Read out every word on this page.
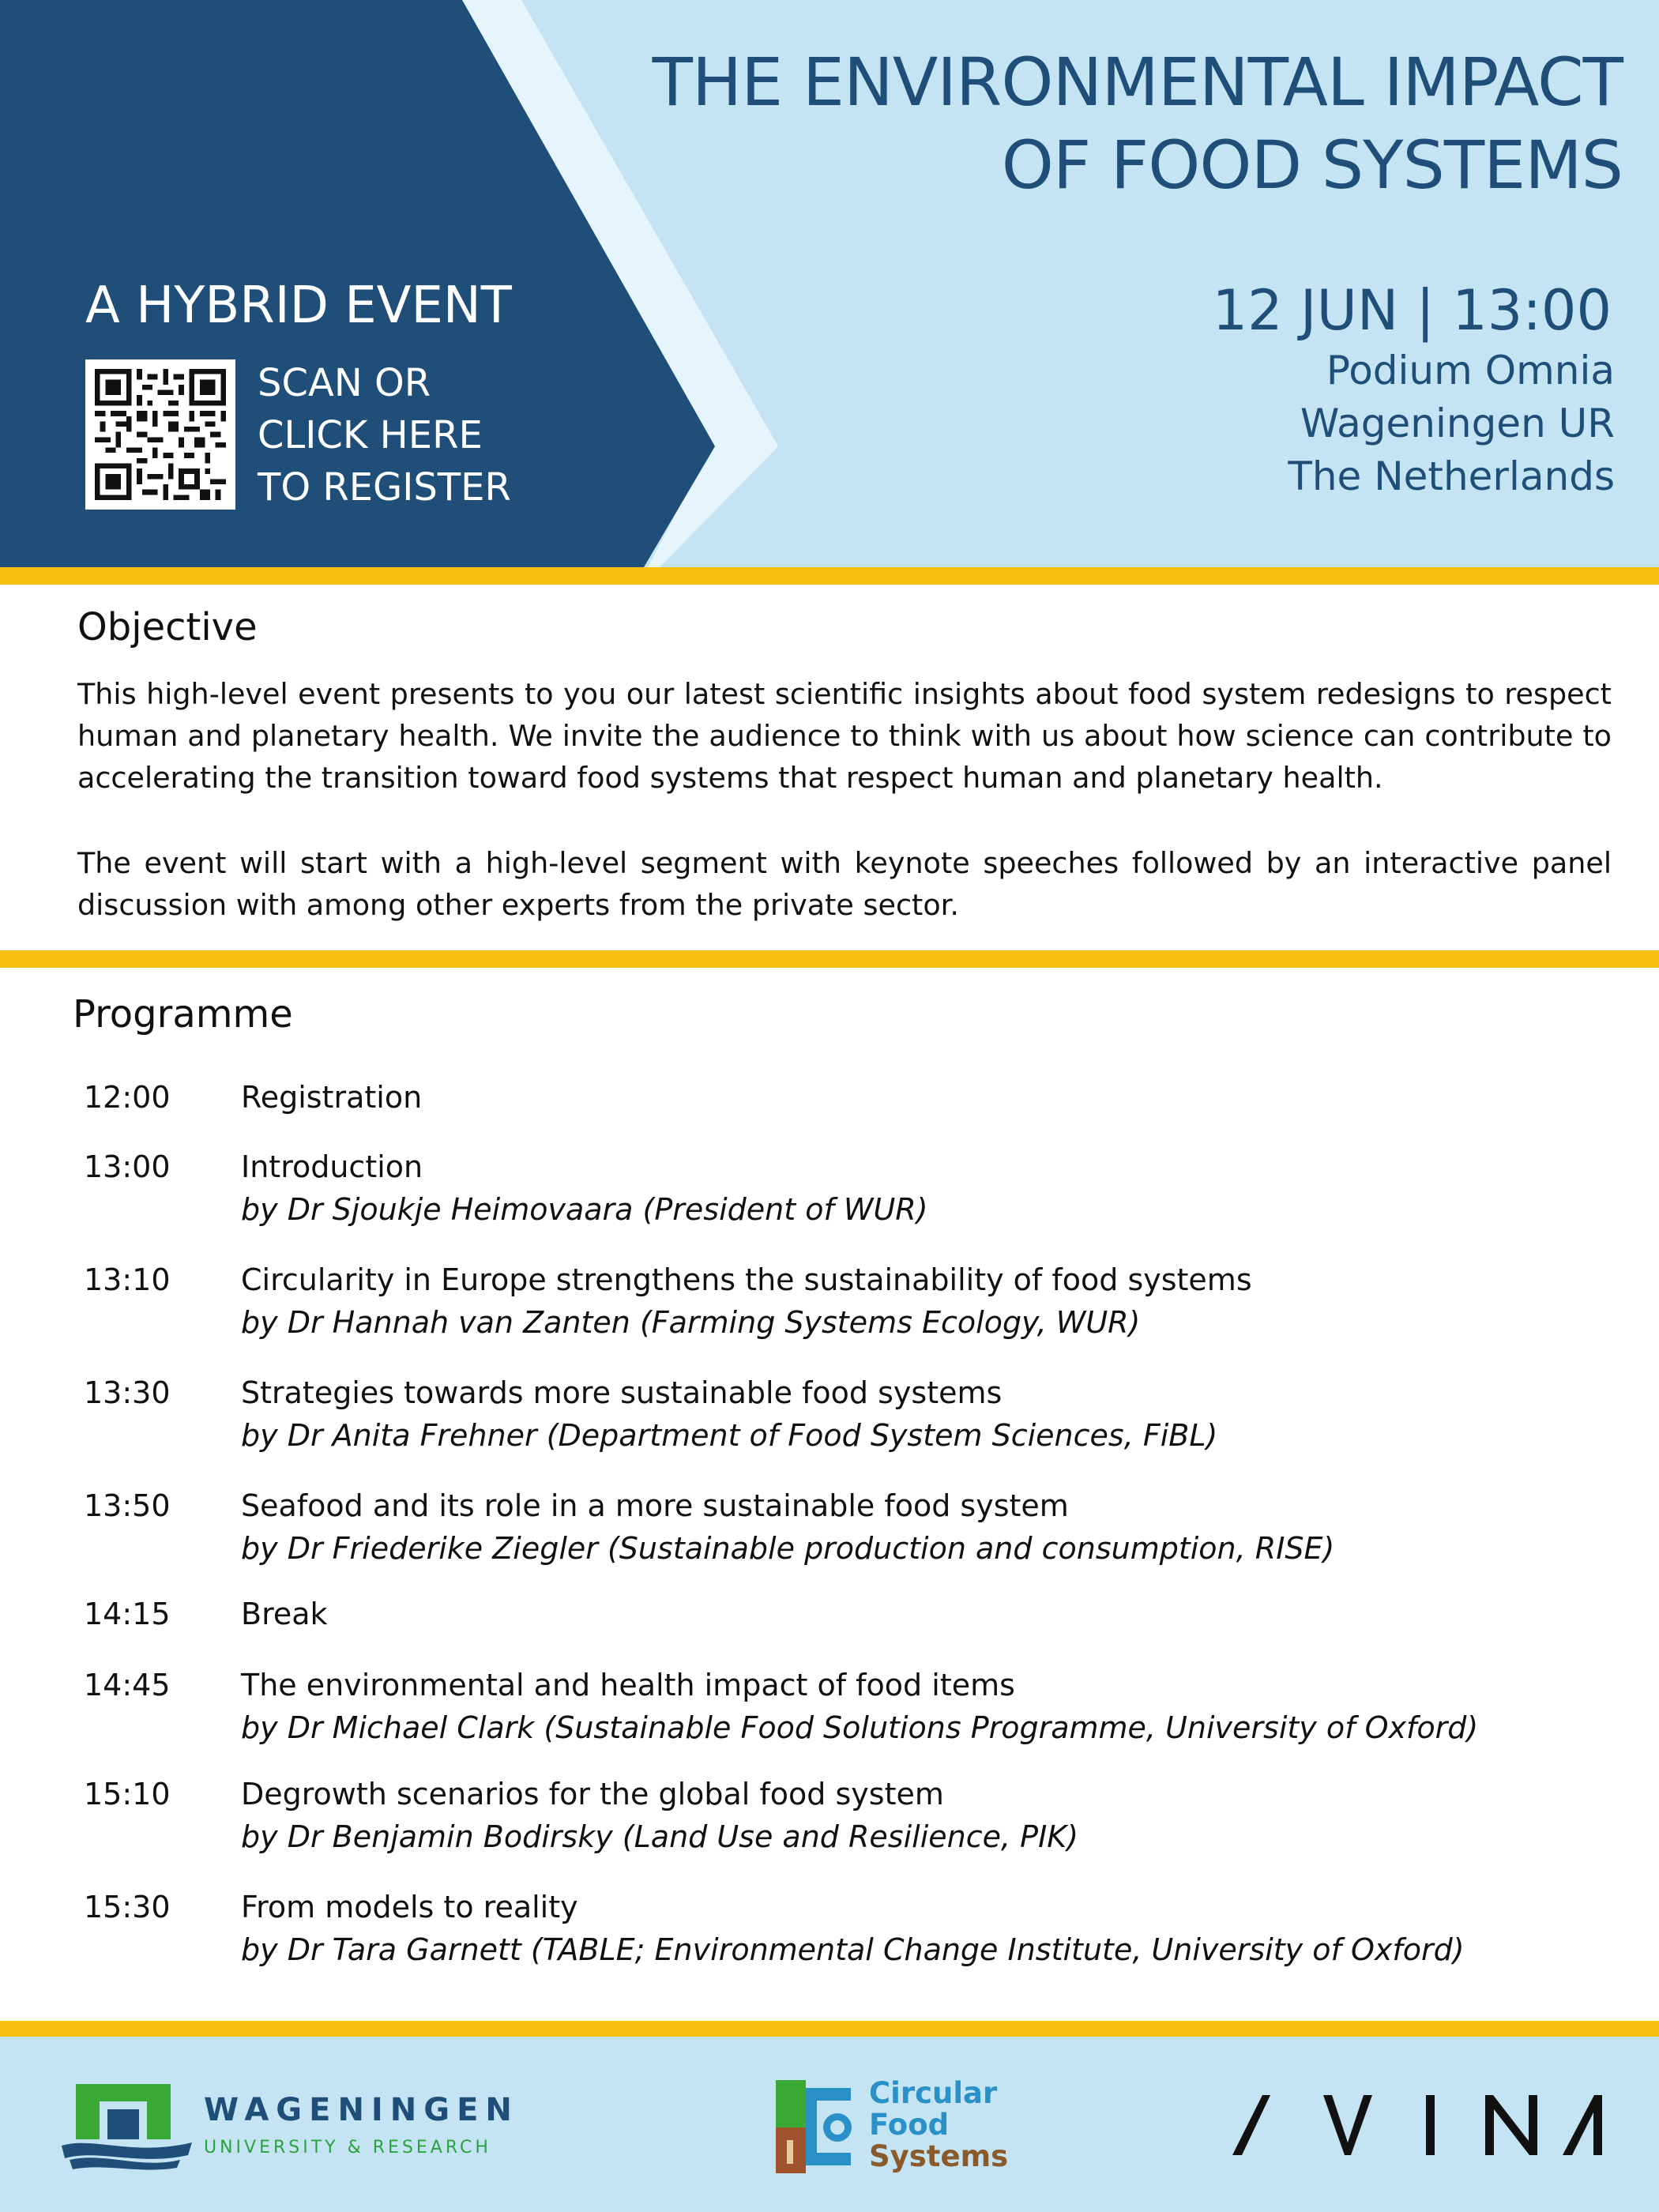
THE ENVIRONMENTAL IMPACT
OF FOOD SYSTEMS
A HYBRID EVENT
SCAN OR
CLICK HERE
TO REGISTER
12 JUN | 13:00
Podium Omnia
Wageningen UR
The Netherlands
Objective

This high-level event presents to you our latest scientific insights about food system redesigns to respect human and planetary health. We invite the audience to think with us about how science can contribute to accelerating the transition toward food systems that respect human and planetary health.

The event will start with a high-level segment with keynote speeches followed by an interactive panel discussion with among other experts from the private sector.

Programme
12:00 Registration
13:00 Introduction
by Dr Sjoukje Heimovaara (President of WUR)
13:10 Circularity in Europe strengthens the sustainability of food systems
by Dr Hannah van Zanten (Farming Systems Ecology, WUR)
13:30 Strategies towards more sustainable food systems
by Dr Anita Frehner (Department of Food System Sciences, FiBL)
13:50 Seafood and its role in a more sustainable food system
by Dr Friederike Ziegler (Sustainable production and consumption, RISE)
14:15 Break
14:45 The environmental and health impact of food items
by Dr Michael Clark (Sustainable Food Solutions Programme, University of Oxford)
15:10 Degrowth scenarios for the global food system
by Dr Benjamin Bodirsky (Land Use and Resilience, PIK)
15:30 From models to reality
by Dr Tara Garnett (TABLE; Environmental Change Institute, University of Oxford)
WAGENINGEN
UNIVERSITY & RESEARCH
Circular
Food
Systems
